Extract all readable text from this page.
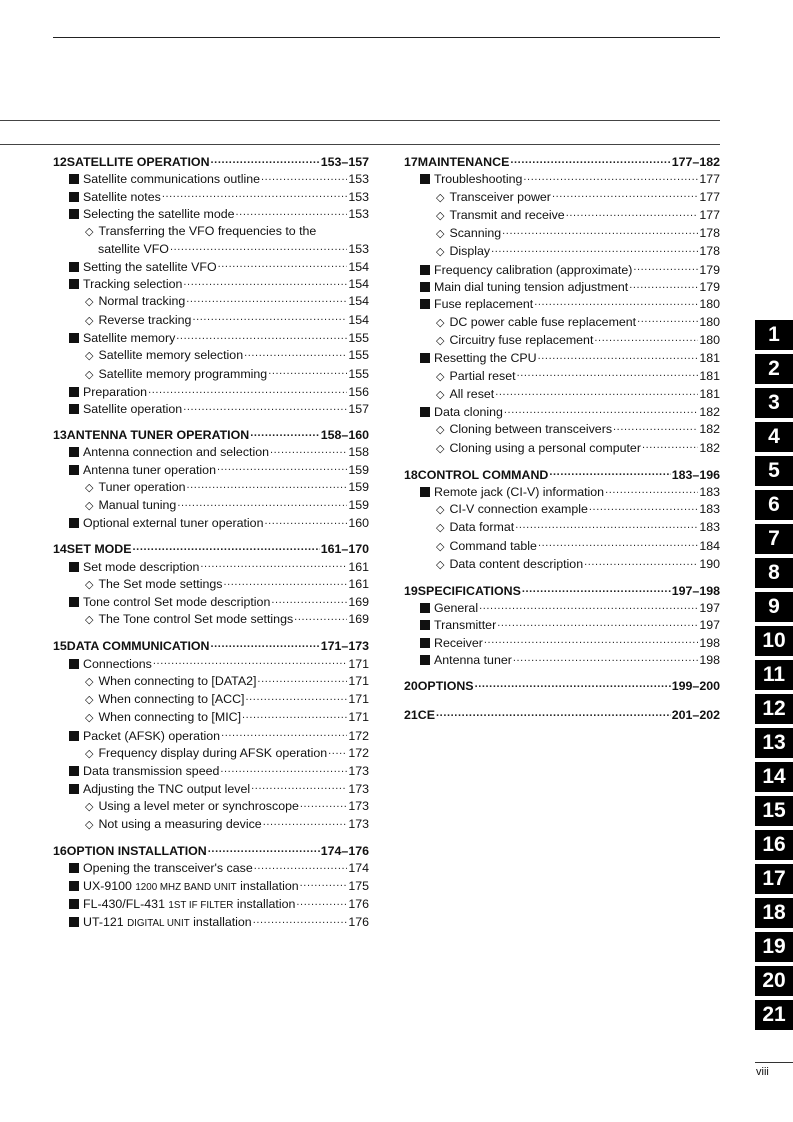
12SATELLITE OPERATION .....	153–157
Satellite communications outline .....	153
Satellite notes .....	153
Selecting the satellite mode .....	153
◇ Transferring the VFO frequencies to the
satellite VFO .....	153
Setting the satellite VFO .....	154
Tracking selection .....	154
◇ Normal tracking .....	154
◇ Reverse tracking .....	154
Satellite memory .....	155
◇ Satellite memory selection .....	155
◇ Satellite memory programming .....	155
Preparation .....	156
Satellite operation .....	157
13ANTENNA TUNER OPERATION .....	158–160
Antenna connection and selection .....	158
Antenna tuner operation .....	159
◇ Tuner operation .....	159
◇ Manual tuning .....	159
Optional external tuner operation .....	160
14SET MODE .....	161–170
Set mode description .....	161
◇ The Set mode settings .....	161
Tone control Set mode description .....	169
◇ The Tone control Set mode settings .....	169
15DATA COMMUNICATION .....	171–173
Connections .....	171
◇ When connecting to [DATA2] .....	171
◇ When connecting to [ACC] .....	171
◇ When connecting to [MIC] .....	171
Packet (AFSK) operation .....	172
◇ Frequency display during AFSK operation ..... 172
Data transmission speed .....	173
Adjusting the TNC output level .....	173
◇ Using a level meter or synchroscope .....	173
◇ Not using a measuring device .....	173
16OPTION INSTALLATION .....	174–176
Opening the transceiver's case .....	174
UX-9100 1200 MHZ BAND UNIT installation .....	175
FL-430/FL-431 1ST IF FILTER installation .....	176
UT-121 DIGITAL UNIT installation .....	176
17MAINTENANCE .....	177–182
Troubleshooting .....	177
◇ Transceiver power .....	177
◇ Transmit and receive .....	177
◇ Scanning .....	178
◇ Display .....	178
Frequency calibration (approximate) .....	179
Main dial tuning tension adjustment .....	179
Fuse replacement .....	180
◇ DC power cable fuse replacement .....	180
◇ Circuitry fuse replacement .....	180
Resetting the CPU .....	181
◇ Partial reset .....	181
◇ All reset .....	181
Data cloning .....	182
◇ Cloning between transceivers .....	182
◇ Cloning using a personal computer .....	182
18CONTROL COMMAND .....	183–196
Remote jack (CI-V) information .....	183
◇ CI-V connection example .....	183
◇ Data format .....	183
◇ Command table .....	184
◇ Data content description .....	190
19SPECIFICATIONS .....	197–198
General .....	197
Transmitter .....	197
Receiver .....	198
Antenna tuner .....	198
20OPTIONS .....	199–200
21CE .....	201–202
1
2
3
4
5
6
7
8
9
10
11
12
13
14
15
16
17
18
19
20
21
viii
